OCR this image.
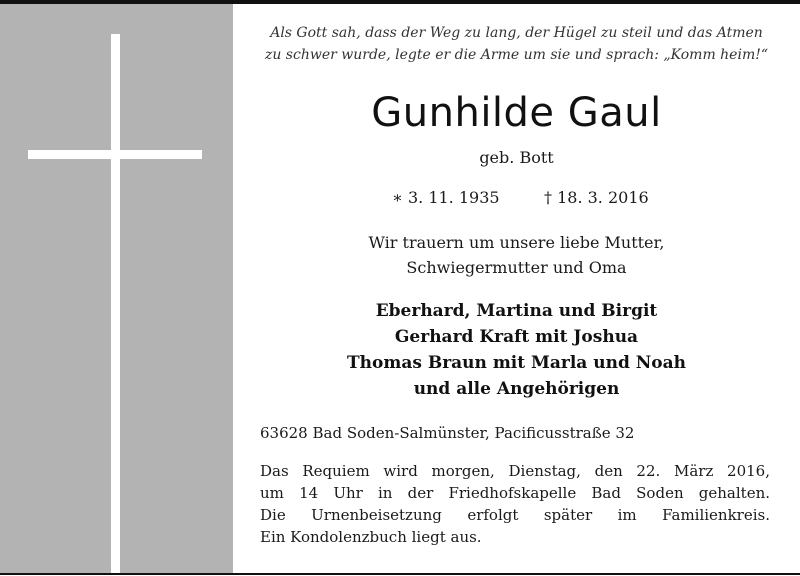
Als Gott sah, dass der Weg zu lang, der Hügel zu steil und das Atmen
zu schwer wurde, legte er die Arme um sie und sprach: „Komm heim!“
Gunhilde Gaul
geb. Bott
∗ 3. 11. 1935	† 18. 3. 2016
Wir trauern um unsere liebe Mutter,
Schwiegermutter und Oma
Eberhard, Martina und Birgit
Gerhard Kraft mit Joshua
Thomas Braun mit Marla und Noah
und alle Angehörigen
63628 Bad Soden-Salmünster, Pacificusstraße 32
Das Requiem wird morgen, Dienstag, den 22. März 2016,
um 14 Uhr in der Friedhofskapelle Bad Soden gehalten.
Die Urnenbeisetzung erfolgt später im Familienkreis.
Ein Kondolenzbuch liegt aus.
